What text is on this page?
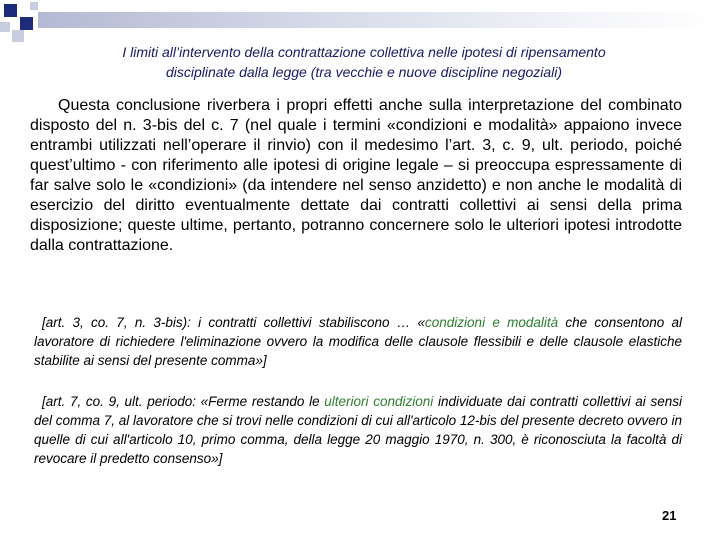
I limiti all’intervento della contrattazione collettiva nelle ipotesi di ripensamento
disciplinate dalla legge (tra vecchie e nuove discipline negoziali)

Questa conclusione riverbera i propri effetti anche sulla interpretazione del combinato disposto del n. 3-bis del c. 7 (nel quale i termini «condizioni e modalità» appaiono invece entrambi utilizzati nell’operare il rinvio) con il medesimo l’art. 3, c. 9, ult. periodo, poiché quest’ultimo - con riferimento alle ipotesi di origine legale – si preoccupa espressamente di far salve solo le «condizioni» (da intendere nel senso anzidetto) e non anche le modalità di esercizio del diritto eventualmente dettate dai contratti collettivi ai sensi della prima disposizione; queste ultime, pertanto, potranno concernere solo le ulteriori ipotesi introdotte dalla contrattazione.

[art. 3, co. 7, n. 3-bis): i contratti collettivi stabiliscono … «condizioni e modalità che consentono al lavoratore di richiedere l'eliminazione ovvero la modifica delle clausole flessibili e delle clausole elastiche stabilite ai sensi del presente comma»]

[art. 7, co. 9, ult. periodo: «Ferme restando le ulteriori condizioni individuate dai contratti collettivi ai sensi del comma 7, al lavoratore che si trovi nelle condizioni di cui all'articolo 12-bis del presente decreto ovvero in quelle di cui all'articolo 10, primo comma, della legge 20 maggio 1970, n. 300, è riconosciuta la facoltà di revocare il predetto consenso»]

21
